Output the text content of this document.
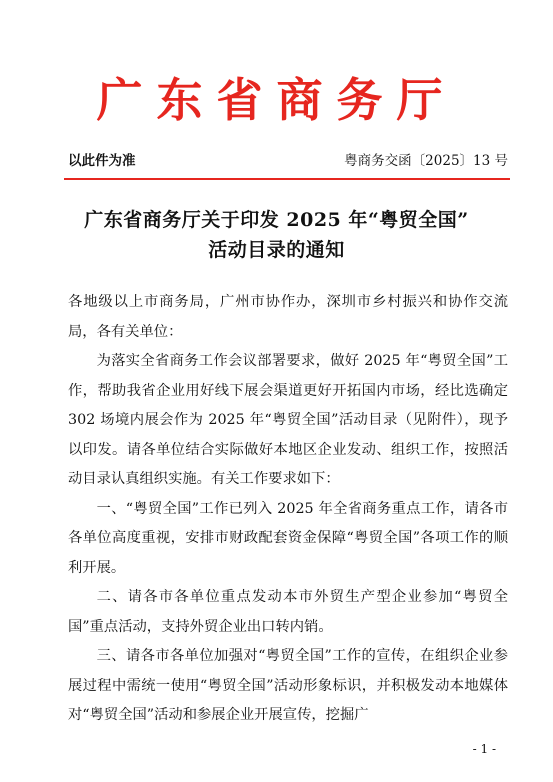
广东省商务厅
以此件为准	粤商务交函〔2025〕13 号
广东省商务厅关于印发 2025 年“粤贸全国”
活动目录的通知

各地级以上市商务局，广州市协作办，深圳市乡村振兴和协作交流局，各有关单位：

为落实全省商务工作会议部署要求，做好 2025 年“粤贸全国”工作，帮助我省企业用好线下展会渠道更好开拓国内市场，经比选确定 302 场境内展会作为 2025 年“粤贸全国”活动目录（见附件），现予以印发。请各单位结合实际做好本地区企业发动、组织工作，按照活动目录认真组织实施。有关工作要求如下：

一、“粤贸全国”工作已列入 2025 年全省商务重点工作，请各市各单位高度重视，安排市财政配套资金保障“粤贸全国”各项工作的顺利开展。

二、请各市各单位重点发动本市外贸生产型企业参加“粤贸全国”重点活动，支持外贸企业出口转内销。

三、请各市各单位加强对“粤贸全国”工作的宣传，在组织企业参展过程中需统一使用“粤贸全国”活动形象标识，并积极发动本地媒体对“粤贸全国”活动和参展企业开展宣传，挖掘广

- 1 -
